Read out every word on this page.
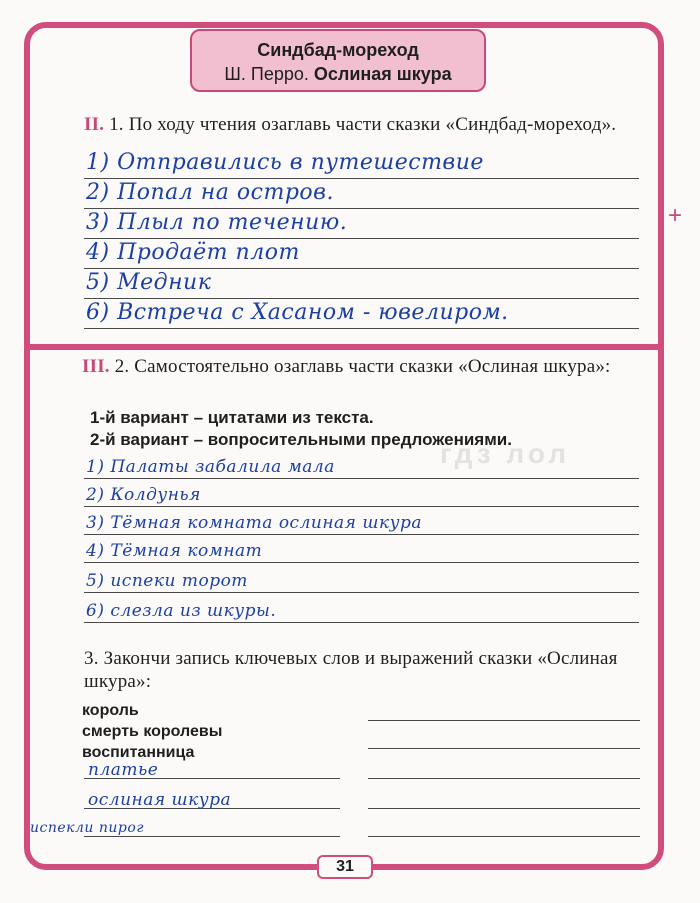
Синдбад-мореход
Ш. Перро. Ослиная шкура
гдз лол
+
II. 1. По ходу чтения озаглавь части сказки «Синдбад-мореход».
1) Отправились в путешествие
2) Попал на остров.
3) Плыл по течению.
4) Продаёт плот
5) Медник
6) Встреча с Хасаном - ювелиром.
III. 2. Самостоятельно озаглавь части сказки «Ослиная шкура»:
1-й вариант – цитатами из текста.
2-й вариант – вопросительными предложениями.
1) Палаты забалила мала
2) Колдунья
3) Тёмная комната ослиная шкура
4) Тёмная комнат
5) испеки торот
6) слезла из шкуры.
3. Закончи запись ключевых слов и выражений сказки «Ослиная шкура»:
король
смерть королевы
воспитанница
платье
ослиная шкура
испекли пирог
31
